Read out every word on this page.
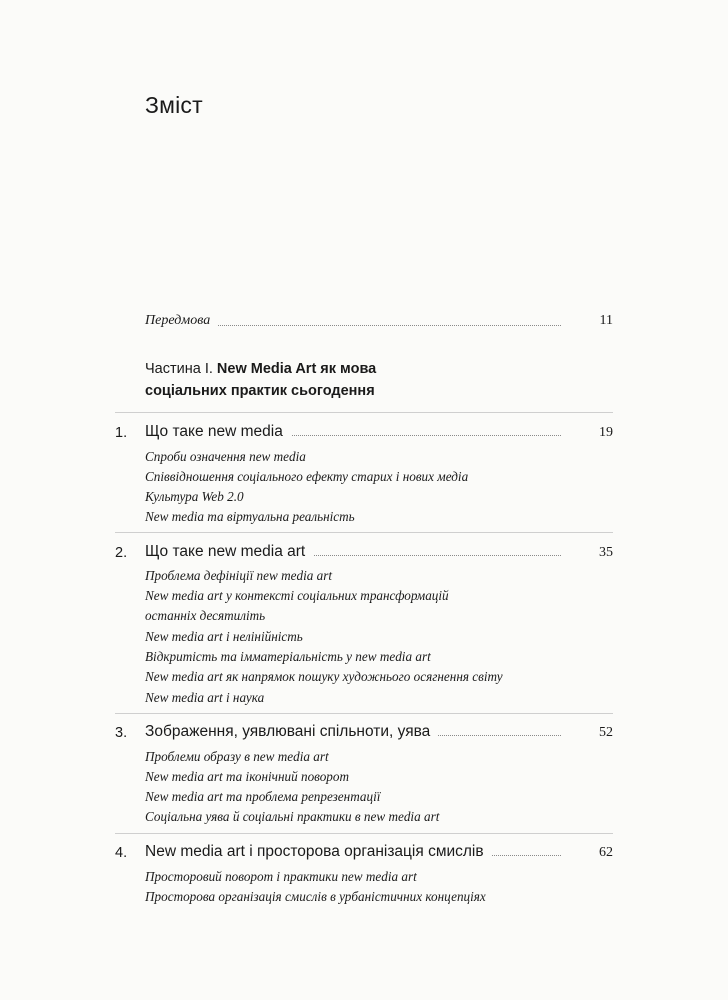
Зміст
Передмова	11
Частина І. New Media Art як мова
соціальних практик сьогодення
1.	Що таке new media	19
Спроби означення new media
Співвідношення соціального ефекту старих і нових медіа
Культура Web 2.0
New media та віртуальна реальність
2.	Що таке new media art	35
Проблема дефініції new media art
New media art у контексті соціальних трансформацій
останніх десятиліть
New media art і нелінійність
Відкритість та імматеріальність у new media art
New media art як напрямок пошуку художнього осягнення світу
New media art і наука
3.	Зображення, уявлювані спільноти, уява	52
Проблеми образу в new media art
New media art та іконічний поворот
New media art та проблема репрезентації
Соціальна уява й соціальні практики в new media art
4.	New media art і просторова організація смислів	62
Просторовий поворот і практики new media art
Просторова організація смислів в урбаністичних концепціях
